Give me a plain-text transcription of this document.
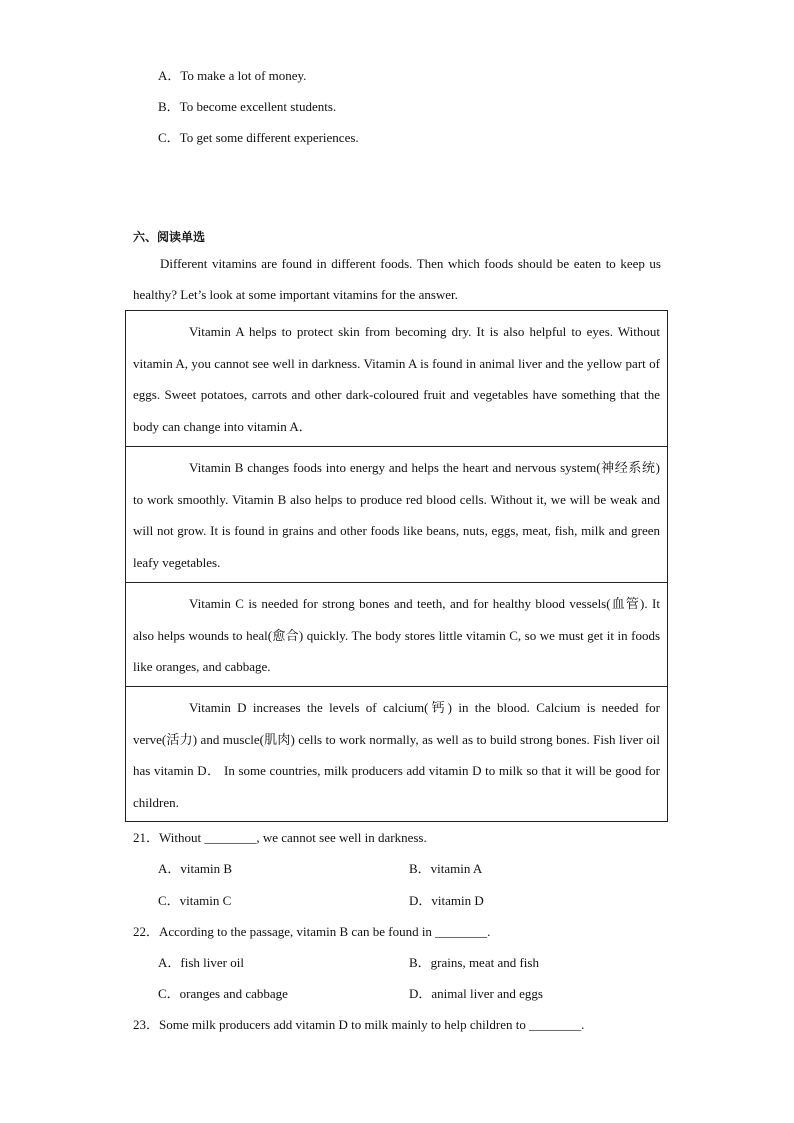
A．To make a lot of money.
B．To become excellent students.
C．To get some different experiences.
六、阅读单选
Different vitamins are found in different foods. Then which foods should be eaten to keep us healthy? Let’s look at some important vitamins for the answer.

Vitamin A helps to protect skin from becoming dry. It is also helpful to eyes. Without vitamin A, you cannot see well in darkness. Vitamin A is found in animal liver and the yellow part of eggs. Sweet potatoes, carrots and other dark-coloured fruit and vegetables have something that the body can change into vitamin A．

Vitamin B changes foods into energy and helps the heart and nervous system(神经系统) to work smoothly. Vitamin B also helps to produce red blood cells. Without it, we will be weak and will not grow. It is found in grains and other foods like beans, nuts, eggs, meat, fish, milk and green leafy vegetables.

Vitamin C is needed for strong bones and teeth, and for healthy blood vessels(血管). It also helps wounds to heal(愈合) quickly. The body stores little vitamin C, so we must get it in foods like oranges, and cabbage.

Vitamin D increases the levels of calcium(钙) in the blood. Calcium is needed for verve(活力) and muscle(肌肉) cells to work normally, as well as to build strong bones. Fish liver oil has vitamin D． In some countries, milk producers add vitamin D to milk so that it will be good for children.

21．Without ________, we cannot see well in darkness.
A．vitamin B	B．vitamin A
C．vitamin C	D．vitamin D
22．According to the passage, vitamin B can be found in ________.
A．fish liver oil	B．grains, meat and fish
C．oranges and cabbage	D．animal liver and eggs
23．Some milk producers add vitamin D to milk mainly to help children to ________.
